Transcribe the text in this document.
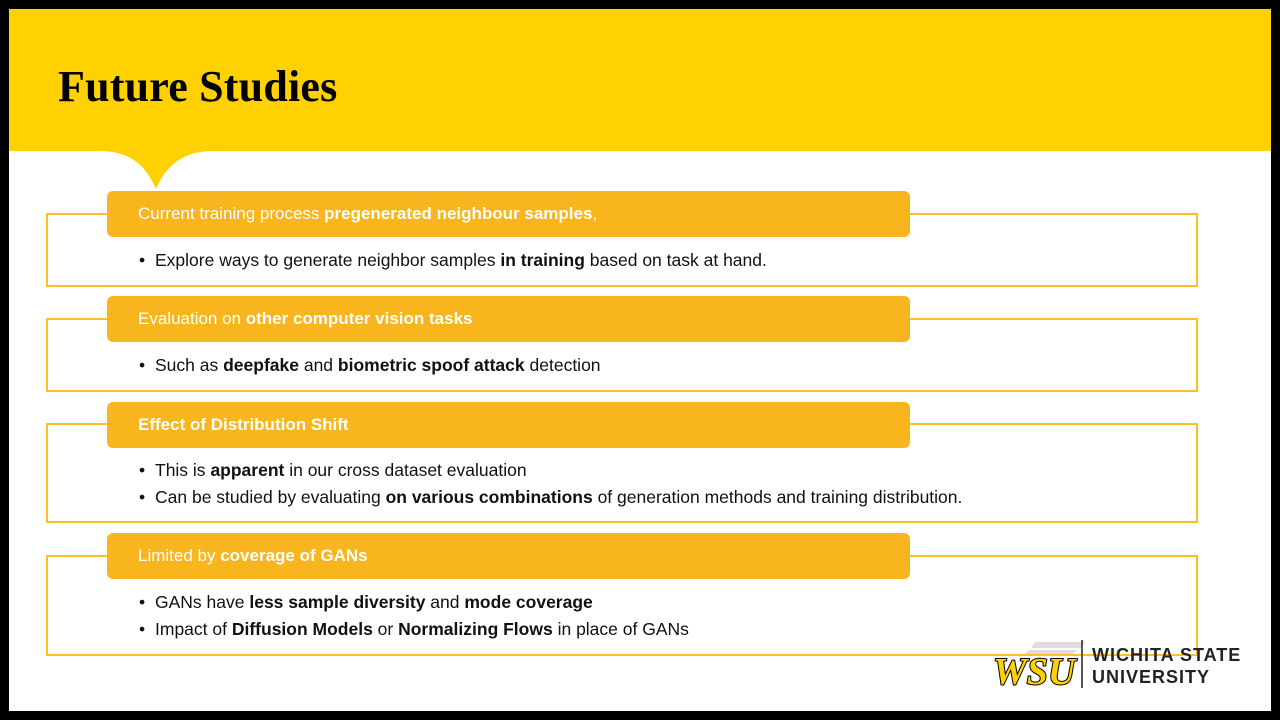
Future Studies
Current training process pregenerated neighbour samples,
• Explore ways to generate neighbor samples in training based on task at hand.
Evaluation on other computer vision tasks
• Such as deepfake and biometric spoof attack detection
Effect of Distribution Shift
• This is apparent in our cross dataset evaluation
• Can be studied by evaluating on various combinations of generation methods and training distribution.
Limited by coverage of GANs
• GANs have less sample diversity and mode coverage
• Impact of Diffusion Models or Normalizing Flows in place of GANs
WSU WICHITA STATE
UNIVERSITY
